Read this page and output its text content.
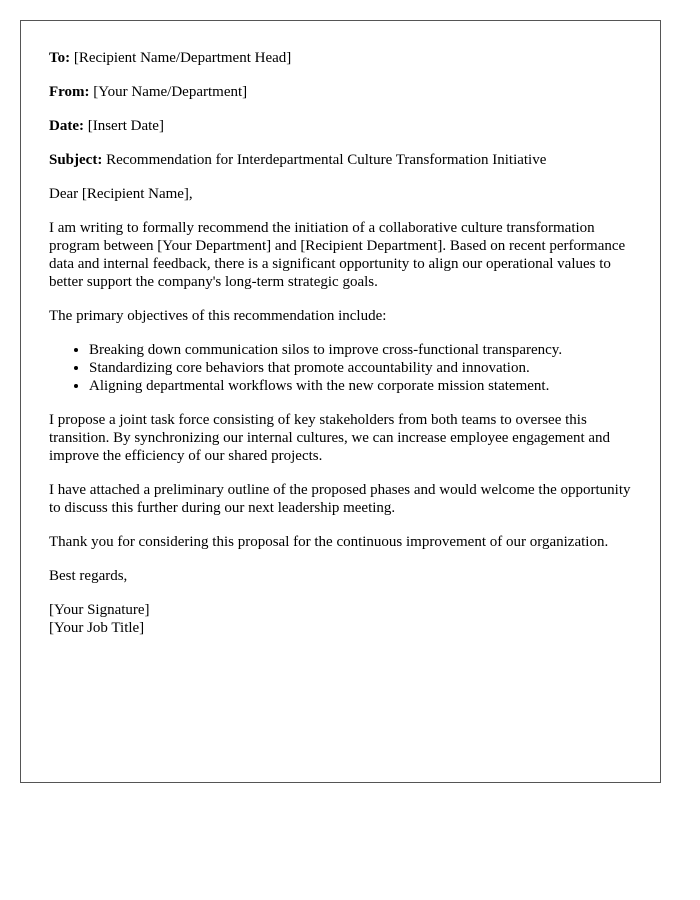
To: [Recipient Name/Department Head]

From: [Your Name/Department]

Date: [Insert Date]

Subject: Recommendation for Interdepartmental Culture Transformation Initiative

Dear [Recipient Name],

I am writing to formally recommend the initiation of a collaborative culture transformation program between [Your Department] and [Recipient Department]. Based on recent performance data and internal feedback, there is a significant opportunity to align our operational values to better support the company's long-term strategic goals.

The primary objectives of this recommendation include:

• Breaking down communication silos to improve cross-functional transparency.
• Standardizing core behaviors that promote accountability and innovation.
• Aligning departmental workflows with the new corporate mission statement.

I propose a joint task force consisting of key stakeholders from both teams to oversee this transition. By synchronizing our internal cultures, we can increase employee engagement and improve the efficiency of our shared projects.

I have attached a preliminary outline of the proposed phases and would welcome the opportunity to discuss this further during our next leadership meeting.

Thank you for considering this proposal for the continuous improvement of our organization.

Best regards,

[Your Signature]
[Your Job Title]
